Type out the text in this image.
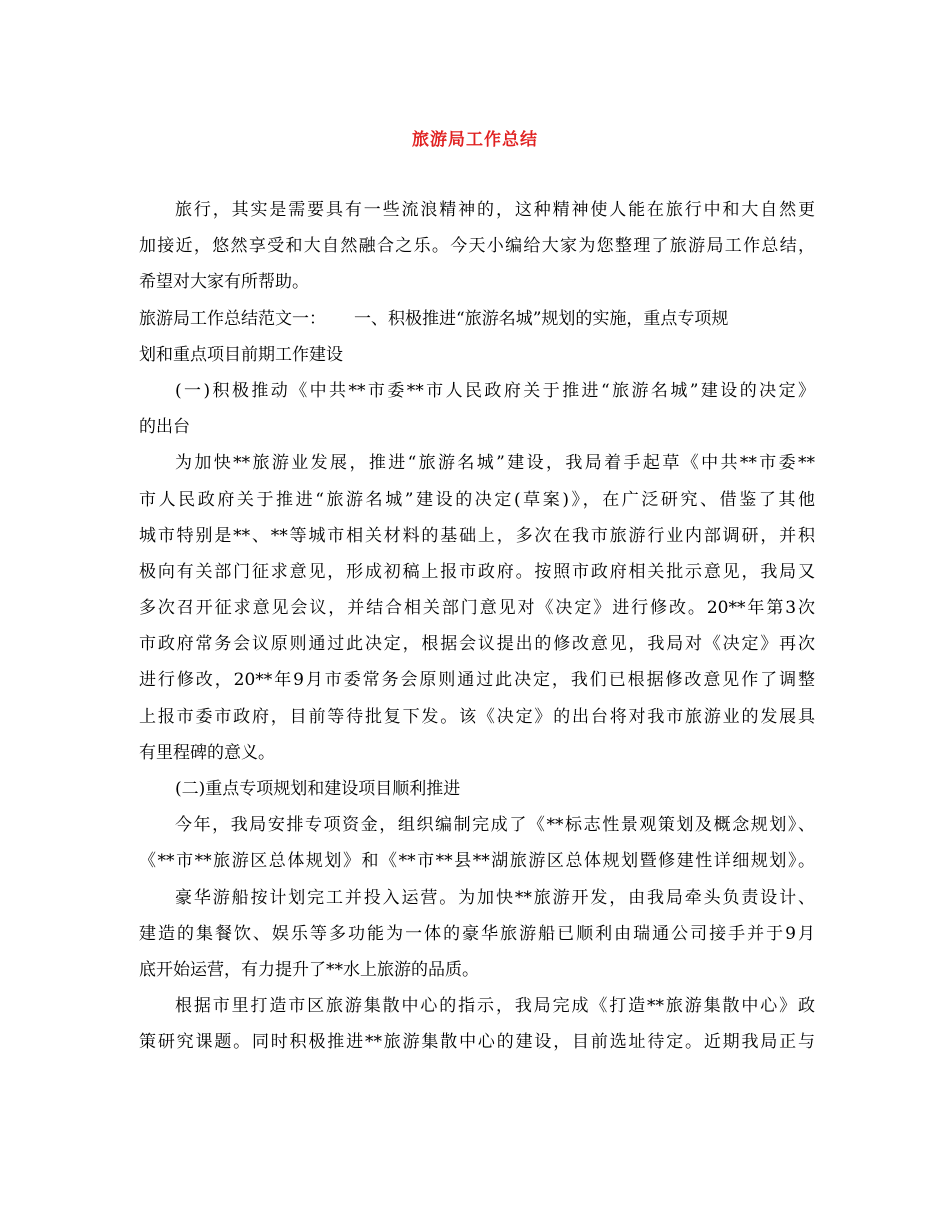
旅游局工作总结
旅行，其实是需要具有一些流浪精神的，这种精神使人能在旅行中和大自然更
加接近，悠然享受和大自然融合之乐。今天小编给大家为您整理了旅游局工作总结，
希望对大家有所帮助。
旅游局工作总结范文一： 一、积极推进“旅游名城”规划的实施，重点专项规
划和重点项目前期工作建设
(一)积极推动《中共**市委**市人民政府关于推进“旅游名城”建设的决定》
的出台
为加快**旅游业发展，推进“旅游名城”建设，我局着手起草《中共**市委**
市人民政府关于推进“旅游名城”建设的决定(草案)》，在广泛研究、借鉴了其他
城市特别是**、**等城市相关材料的基础上，多次在我市旅游行业内部调研，并积
极向有关部门征求意见，形成初稿上报市政府。按照市政府相关批示意见，我局又
多次召开征求意见会议，并结合相关部门意见对《决定》进行修改。20**年第3次
市政府常务会议原则通过此决定，根据会议提出的修改意见，我局对《决定》再次
进行修改，20**年9月市委常务会原则通过此决定，我们已根据修改意见作了调整
上报市委市政府，目前等待批复下发。该《决定》的出台将对我市旅游业的发展具
有里程碑的意义。
(二)重点专项规划和建设项目顺利推进
今年，我局安排专项资金，组织编制完成了《**标志性景观策划及概念规划》、
《**市**旅游区总体规划》和《**市**县**湖旅游区总体规划暨修建性详细规划》。
豪华游船按计划完工并投入运营。为加快**旅游开发，由我局牵头负责设计、
建造的集餐饮、娱乐等多功能为一体的豪华旅游船已顺利由瑞通公司接手并于9月
底开始运营，有力提升了**水上旅游的品质。
根据市里打造市区旅游集散中心的指示，我局完成《打造**旅游集散中心》政
策研究课题。同时积极推进**旅游集散中心的建设，目前选址待定。近期我局正与
